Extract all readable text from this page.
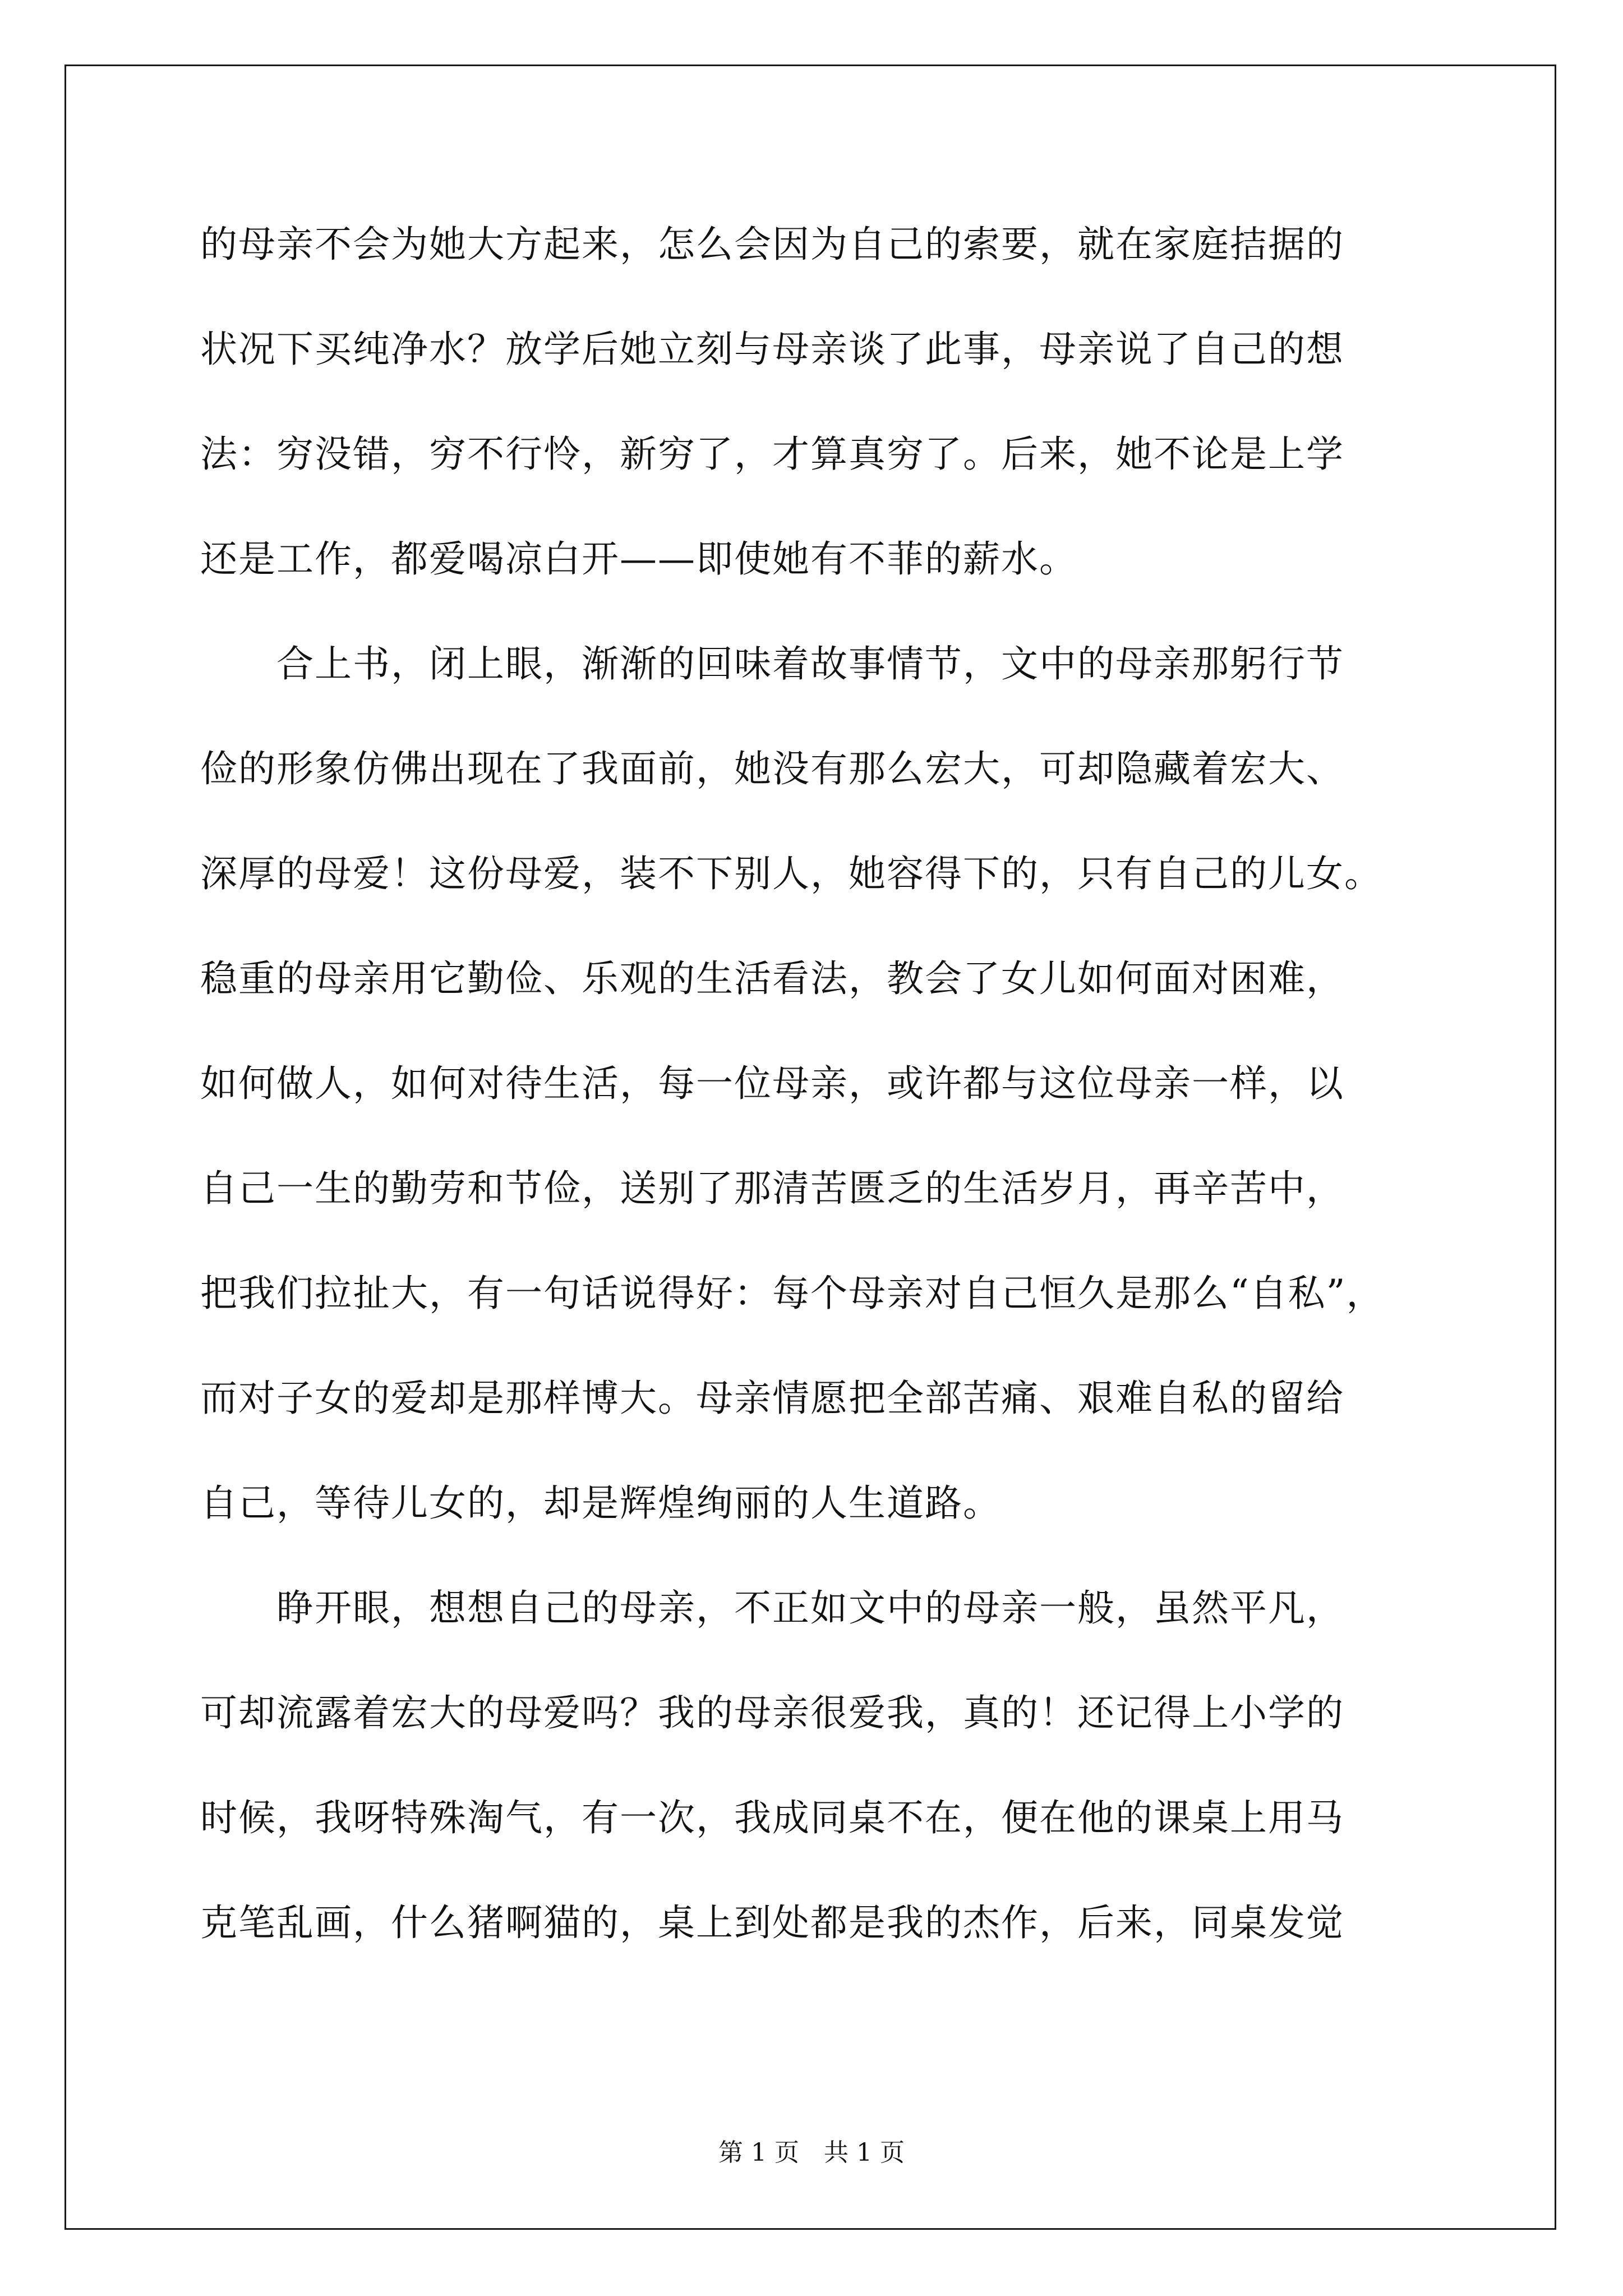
的母亲不会为她大方起来，怎么会因为自己的索要，就在家庭拮据的
状况下买纯净水？放学后她立刻与母亲谈了此事，母亲说了自己的想
法：穷没错，穷不行怜，新穷了，才算真穷了。后来，她不论是上学
还是工作，都爱喝凉白开——即使她有不菲的薪水。
　　合上书，闭上眼，渐渐的回味着故事情节，文中的母亲那躬行节
俭的形象仿佛出现在了我面前，她没有那么宏大，可却隐藏着宏大、
深厚的母爱！这份母爱，装不下别人，她容得下的，只有自己的儿女。
稳重的母亲用它勤俭、乐观的生活看法，教会了女儿如何面对困难，
如何做人，如何对待生活，每一位母亲，或许都与这位母亲一样，以
自己一生的勤劳和节俭，送别了那清苦匮乏的生活岁月，再辛苦中，
把我们拉扯大，有一句话说得好：每个母亲对自己恒久是那么“自私”，
而对子女的爱却是那样博大。母亲情愿把全部苦痛、艰难自私的留给
自己，等待儿女的，却是辉煌绚丽的人生道路。
　　睁开眼，想想自己的母亲，不正如文中的母亲一般，虽然平凡，
可却流露着宏大的母爱吗？我的母亲很爱我，真的！还记得上小学的
时候，我呀特殊淘气，有一次，我成同桌不在，便在他的课桌上用马
克笔乱画，什么猪啊猫的，桌上到处都是我的杰作，后来，同桌发觉
第 1 页　共 1 页
